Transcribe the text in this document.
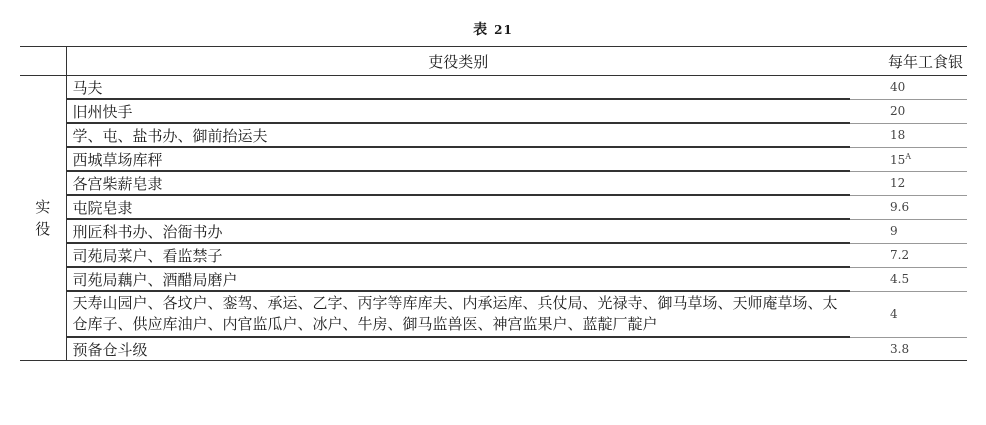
表 21
	吏役类别	每年工食银

实
役	马夫	40
	旧州快手	20
	学、屯、盐书办、御前抬运夫	18
	西城草场库秤	$15^A$
	各宫柴薪皂隶	12
	屯院皂隶	9.6
	刑匠科书办、治衙书办	9
	司苑局菜户、看监禁子	7.2
	司苑局藕户、酒醋局磨户	4.5
	天寿山园户、各坟户、銮驾、承运、乙字、丙字等库库夫、内承运库、兵仗局、光禄寺、御马草场、天师庵草场、太仓库子、供应库油户、内官监瓜户、冰户、牛房、御马监兽医、神宫监果户、蓝靛厂靛户	4
	预备仓斗级	3.8
